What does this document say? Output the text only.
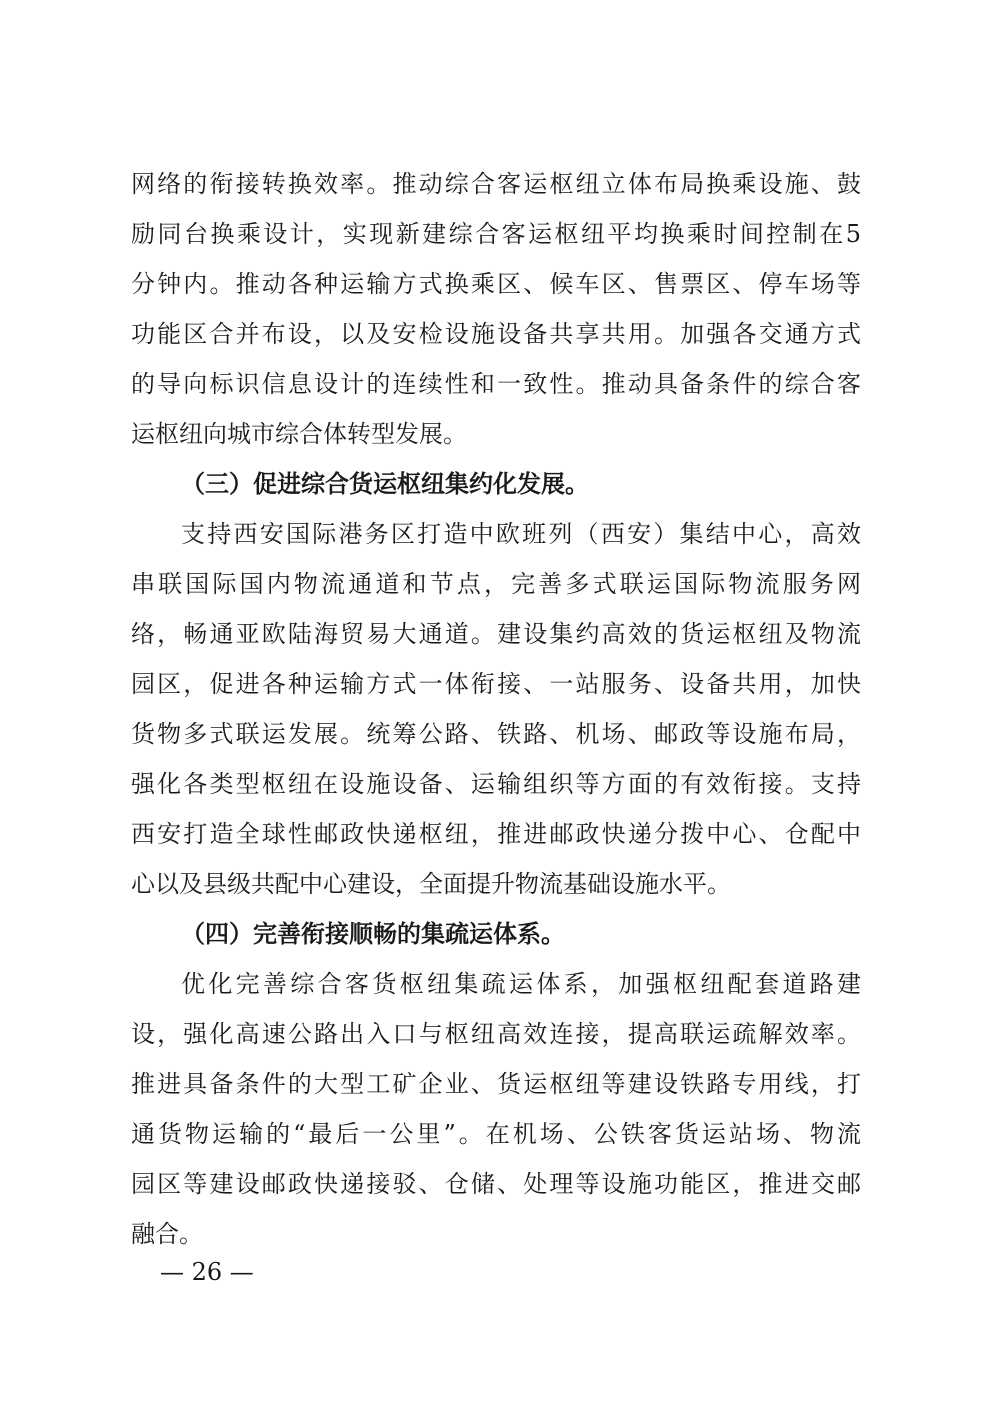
网络的衔接转换效率。推动综合客运枢纽立体布局换乘设施、鼓
励同台换乘设计，实现新建综合客运枢纽平均换乘时间控制在5
分钟内。推动各种运输方式换乘区、候车区、售票区、停车场等
功能区合并布设，以及安检设施设备共享共用。加强各交通方式
的导向标识信息设计的连续性和一致性。推动具备条件的综合客
运枢纽向城市综合体转型发展。
（三）促进综合货运枢纽集约化发展。
支持西安国际港务区打造中欧班列（西安）集结中心，高效
串联国际国内物流通道和节点，完善多式联运国际物流服务网
络，畅通亚欧陆海贸易大通道。建设集约高效的货运枢纽及物流
园区，促进各种运输方式一体衔接、一站服务、设备共用，加快
货物多式联运发展。统筹公路、铁路、机场、邮政等设施布局，
强化各类型枢纽在设施设备、运输组织等方面的有效衔接。支持
西安打造全球性邮政快递枢纽，推进邮政快递分拨中心、仓配中
心以及县级共配中心建设，全面提升物流基础设施水平。
（四）完善衔接顺畅的集疏运体系。
优化完善综合客货枢纽集疏运体系，加强枢纽配套道路建
设，强化高速公路出入口与枢纽高效连接，提高联运疏解效率。
推进具备条件的大型工矿企业、货运枢纽等建设铁路专用线，打
通货物运输的“最后一公里”。在机场、公铁客货运站场、物流
园区等建设邮政快递接驳、仓储、处理等设施功能区，推进交邮
融合。
— 26 —
